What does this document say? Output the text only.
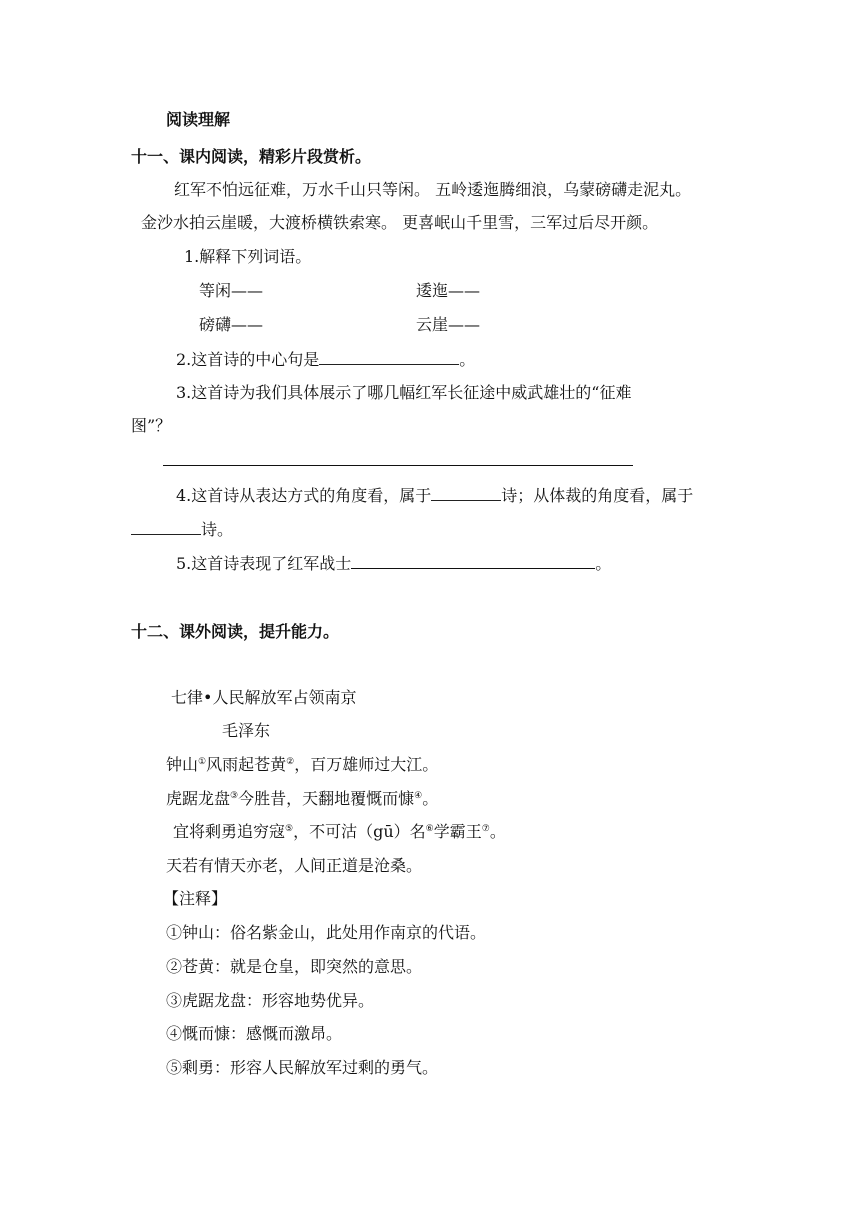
阅读理解
十一、课内阅读，精彩片段赏析。
红军不怕远征难，万水千山只等闲。 五岭逶迤腾细浪，乌蒙磅礴走泥丸。
金沙水拍云崖暖，大渡桥横铁索寒。 更喜岷山千里雪，三军过后尽开颜。
1.解释下列词语。
等闲——	逶迤——
磅礴——	云崖——
2.这首诗的中心句是	。
3.这首诗为我们具体展示了哪几幅红军长征途中威武雄壮的“征难
图”？
4.这首诗从表达方式的角度看，属于	诗；从体裁的角度看，属于
诗。
5.这首诗表现了红军战士	。
十二、课外阅读，提升能力。
七律•人民解放军占领南京
毛泽东
钟山①风雨起苍黄②，百万雄师过大江。
虎踞龙盘③今胜昔，天翻地覆慨而慷④。
宜将剩勇追穷寇⑤，不可沽（gū）名⑥学霸王⑦。
天若有情天亦老，人间正道是沧桑。
【注释】
①钟山：俗名紫金山，此处用作南京的代语。
②苍黄：就是仓皇，即突然的意思。
③虎踞龙盘：形容地势优异。
④慨而慷：感慨而激昂。
⑤剩勇：形容人民解放军过剩的勇气。
